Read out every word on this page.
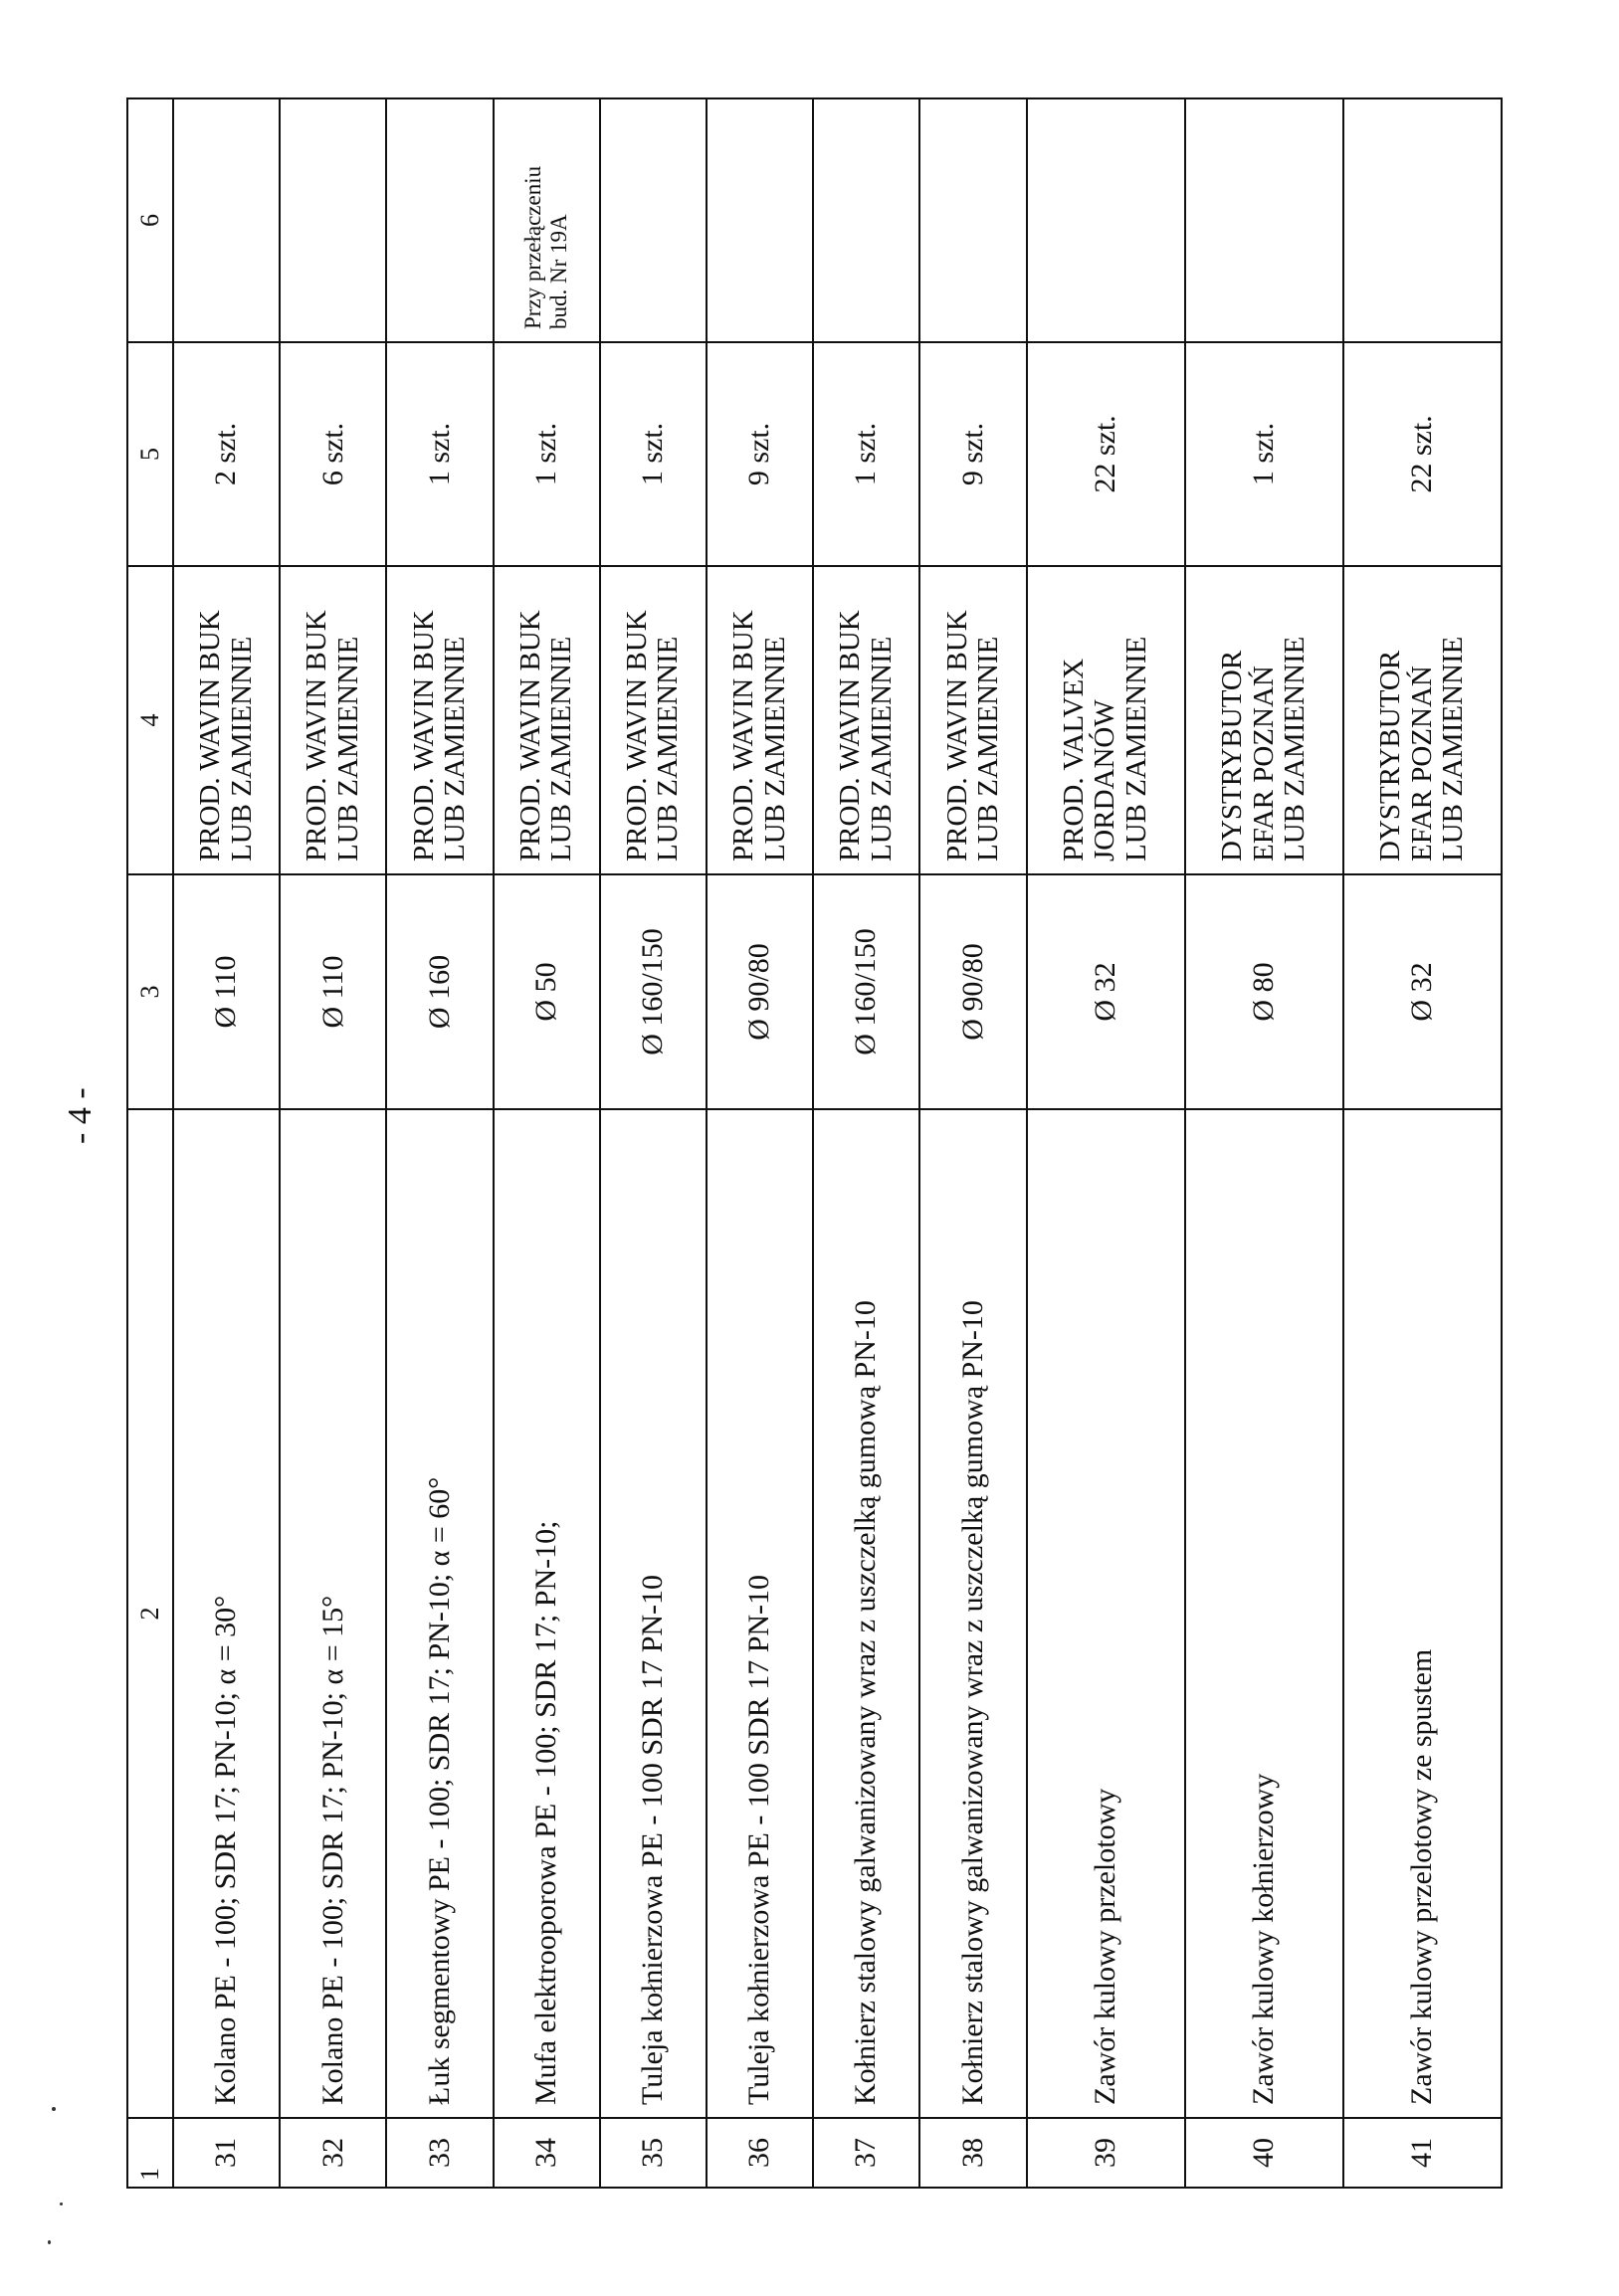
- 4 -
1	2	3	4	5	6
31	Kolano PE - 100; SDR 17; PN-10; α = 30°	Ø 110	PROD. WAVIN BUK LUB ZAMIENNIE	2 szt.	
32	Kolano PE - 100; SDR 17; PN-10; α = 15°	Ø 110	PROD. WAVIN BUK LUB ZAMIENNIE	6 szt.	
33	Łuk segmentowy PE - 100; SDR 17; PN-10; α = 60°	Ø 160	PROD. WAVIN BUK LUB ZAMIENNIE	1 szt.	
34	Mufa elektrooporowa PE - 100; SDR 17; PN-10;	Ø 50	PROD. WAVIN BUK LUB ZAMIENNIE	1 szt.	Przy przełączeniu bud. Nr 19A

35	Tuleja kołnierzowa PE - 100 SDR 17 PN-10	Ø 160/150	PROD. WAVIN BUK LUB ZAMIENNIE	1 szt.	
36	Tuleja kołnierzowa PE - 100 SDR 17 PN-10	Ø 90/80	PROD. WAVIN BUK LUB ZAMIENNIE	9 szt.	
37	Kołnierz stalowy galwanizowany wraz z uszczelką gumową PN-10	Ø 160/150	PROD. WAVIN BUK LUB ZAMIENNIE	1 szt.	
38	Kołnierz stalowy galwanizowany wraz z uszczelką gumową PN-10	Ø 90/80	PROD. WAVIN BUK LUB ZAMIENNIE	9 szt.	
39	Zawór kulowy przelotowy	Ø 32	PROD. VALVEX JORDANÓW LUB ZAMIENNIE	22 szt.	
40	Zawór kulowy kołnierzowy	Ø 80	DYSTRYBUTOR EFAR POZNAŃ LUB ZAMIENNIE	1 szt.	
41	Zawór kulowy przelotowy ze spustem	Ø 32	DYSTRYBUTOR EFAR POZNAŃ LUB ZAMIENNIE	22 szt.	
